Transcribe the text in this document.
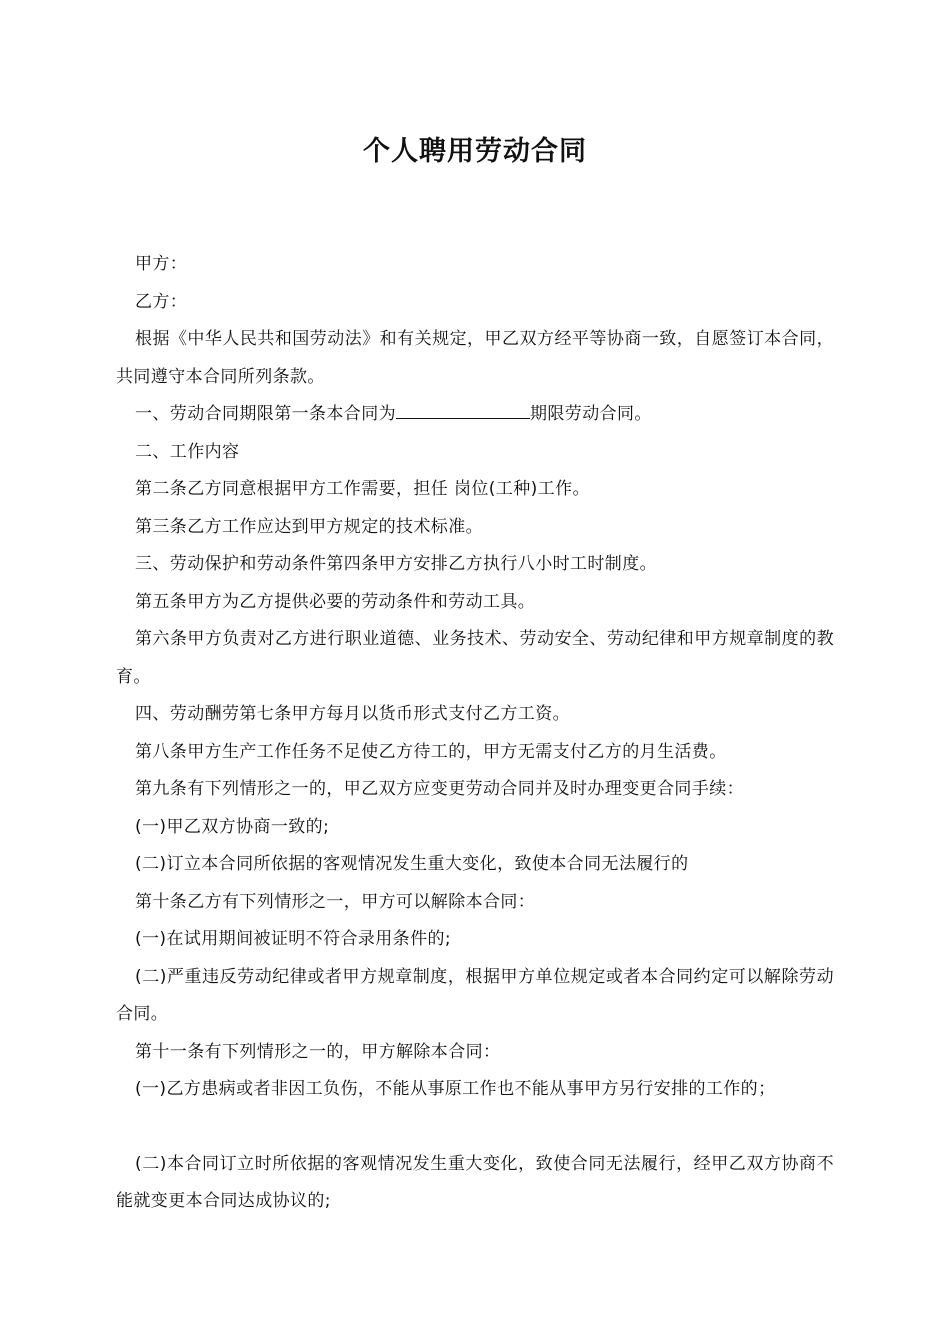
个人聘用劳动合同

甲方：

乙方：

根据《中华人民共和国劳动法》和有关规定，甲乙双方经平等协商一致，自愿签订本合同，共同遵守本合同所列条款。

一、劳动合同期限第一条本合同为	期限劳动合同。

二、工作内容

第二条乙方同意根据甲方工作需要，担任 岗位(工种)工作。

第三条乙方工作应达到甲方规定的技术标准。

三、劳动保护和劳动条件第四条甲方安排乙方执行八小时工时制度。

第五条甲方为乙方提供必要的劳动条件和劳动工具。

第六条甲方负责对乙方进行职业道德、业务技术、劳动安全、劳动纪律和甲方规章制度的教育。

四、劳动酬劳第七条甲方每月以货币形式支付乙方工资。

第八条甲方生产工作任务不足使乙方待工的，甲方无需支付乙方的月生活费。

第九条有下列情形之一的，甲乙双方应变更劳动合同并及时办理变更合同手续：

(一)甲乙双方协商一致的;

(二)订立本合同所依据的客观情况发生重大变化，致使本合同无法履行的

第十条乙方有下列情形之一，甲方可以解除本合同：

(一)在试用期间被证明不符合录用条件的;

(二)严重违反劳动纪律或者甲方规章制度，根据甲方单位规定或者本合同约定可以解除劳动合同。

第十一条有下列情形之一的，甲方解除本合同：

(一)乙方患病或者非因工负伤，不能从事原工作也不能从事甲方另行安排的工作的；

(二)本合同订立时所依据的客观情况发生重大变化，致使合同无法履行，经甲乙双方协商不能就变更本合同达成协议的;
